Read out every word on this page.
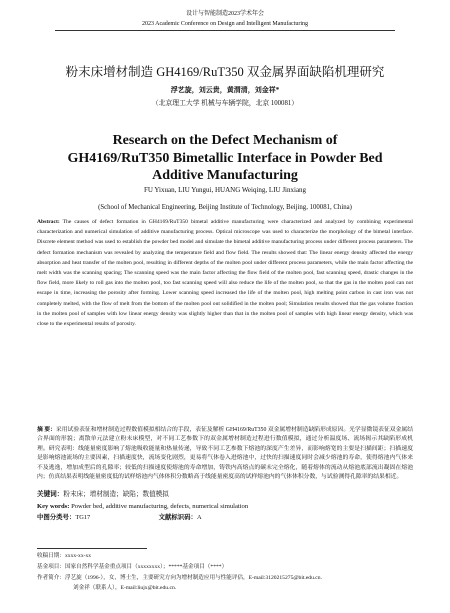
设计与智能制造2023学术年会
2023 Academic Conference on Design and Intelligent Manufacturing
粉末床增材制造 GH4169/RuT350 双金属界面缺陷机理研究
浮艺旋，刘云贵，黄渭清，刘金祥*
（北京理工大学 机械与车辆学院，北京 100081）
Research on the Defect Mechanism of
GH4169/RuT350 Bimetallic Interface in Powder Bed
Additive Manufacturing
FU Yixuan, LIU Yungui, HUANG Weiqing, LIU Jinxiang
(School of Mechanical Engineering, Beijing Institute of Technology, Beijing, 100081, China)
Abstract: The causes of defect formation in GH4169/RuT350 bimetal additive manufacturing were characterized and analyzed by combining experimental characterization and numerical simulation of additive manufacturing process. Optical microscope was used to characterize the morphology of the bimetal interface. Discrete element method was used to establish the powder bed model and simulate the bimetal additive manufacturing process under different process parameters. The defect formation mechanism was revealed by analyzing the temperature field and flow field. The results showed that: The linear energy density affected the energy absorption and heat transfer of the molten pool, resulting in different depths of the molten pool under different process parameters, while the main factor affecting the melt width was the scanning spacing; The scanning speed was the main factor affecting the flow field of the molten pool, fast scanning speed, drastic changes in the flow field, more likely to roll gas into the molten pool, too fast scanning speed will also reduce the life of the molten pool, so that the gas in the molten pool can not escape in time, increasing the porosity after forming. Lower scanning speed increased the life of the molten pool, high melting point carbon in cast iron was not completely melted, with the flow of melt from the bottom of the molten pool out solidified in the molten pool; Simulation results showed that the gas volume fraction in the molten pool of samples with low linear energy density was slightly higher than that in the molten pool of samples with high linear energy density, which was close to the experimental results of porosity.
摘 要：采用试验表征和增材制造过程数值模拟相结合的手段，表征及解析 GH4169/RuT350 双金属增材制造缺陷形成原因。光学显微镜表征双金属结合界面的形貌；离散单元法建立粉末床模型，对不同工艺参数下的双金属增材制造过程进行数值模拟，通过分析温度场、流场揭示其缺陷形成机理。研究表明：线能量密度影响了熔池吸收能量和热量传递，导致不同工艺参数下熔池的深度产生差异，而影响熔宽的主要是扫描间距；扫描速度是影响熔池流场的主要因素，扫描速度快，流场变化剧烈，更易将气体卷入进熔池中，过快的扫描速度同时会减少熔池的寿命，使得熔池内气体来不及逃逸，增加成型后的孔隙率；较低的扫描速度使熔池的寿命增加，铸铁内高熔点的碳未完全熔化，随着熔体的流动从熔池底部流出凝固在熔池内；仿真结果表明线能量密度低的试样熔池内气体体积分数略高于线能量密度高的试样熔池内的气体体积分数，与试验测得孔隙率的结果相近。
关键词：粉末床；增材制造；缺陷；数值模拟
Key words: Powder bed, additive manufacturing, defects, numerical simulation
中图分类号：TG17	文献标识码：A
收稿日期：xxxx-xx-xx
基金项目：国家自然科学基金重点项目（xxxxxxxx）；*****基金项目（****）
作者简介：浮艺旋（1996-），女，博士生，主要研究方向为增材制造应用与性能评估，E-mail:3120215275@bit.edu.cn.
刘金祥（联系人），E-mail:liujx@bit.edu.cn.
